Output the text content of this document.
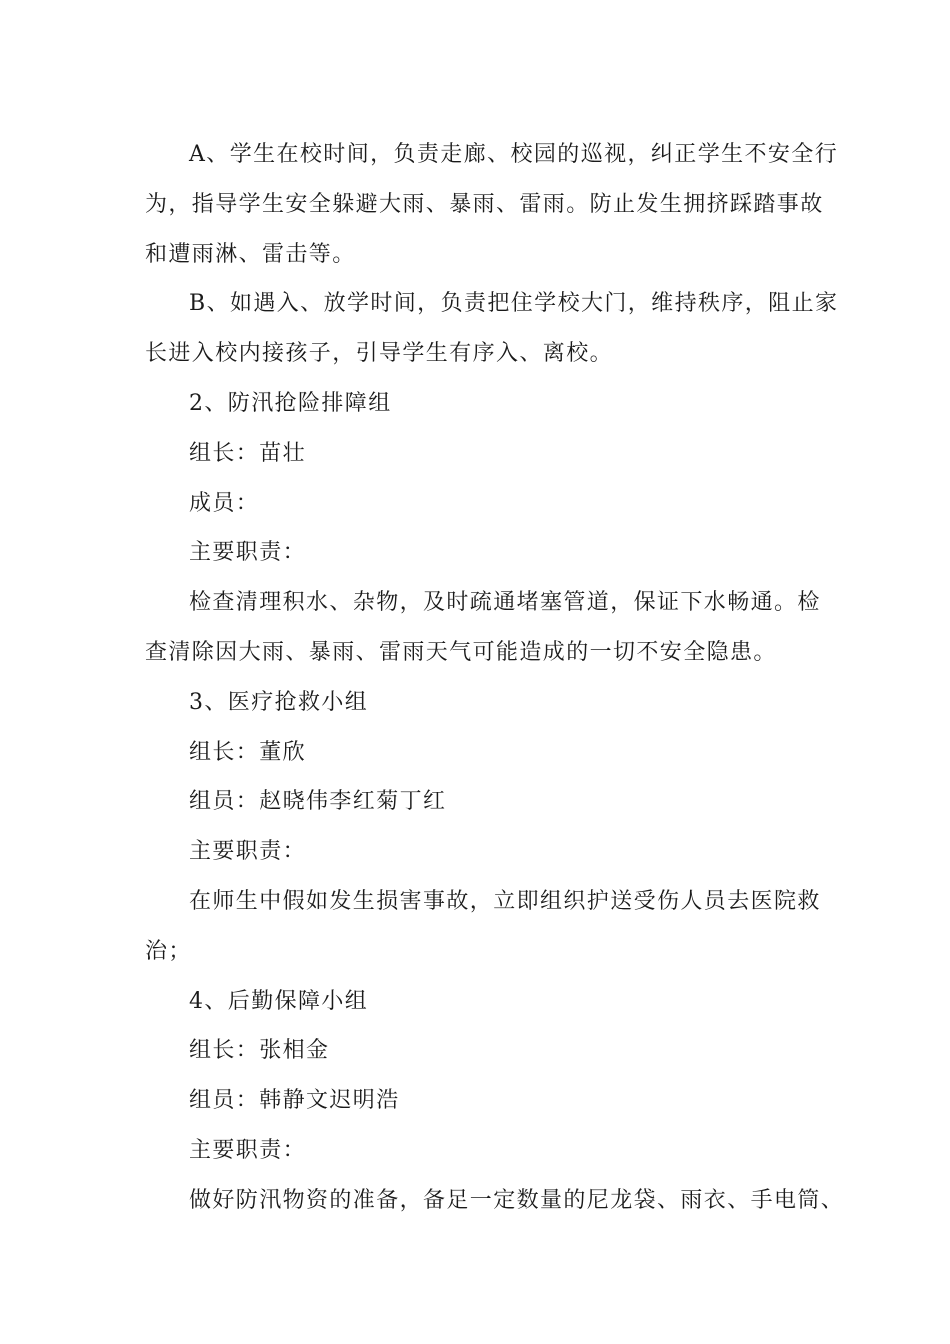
A、学生在校时间，负责走廊、校园的巡视，纠正学生不安全行

为，指导学生安全躲避大雨、暴雨、雷雨。防止发生拥挤踩踏事故

和遭雨淋、雷击等。

B、如遇入、放学时间，负责把住学校大门，维持秩序，阻止家

长进入校内接孩子，引导学生有序入、离校。

2、防汛抢险排障组

组长：苗壮

成员：

主要职责：

检查清理积水、杂物，及时疏通堵塞管道，保证下水畅通。检

查清除因大雨、暴雨、雷雨天气可能造成的一切不安全隐患。

3、医疗抢救小组

组长：董欣

组员：赵晓伟李红菊丁红

主要职责：

在师生中假如发生损害事故，立即组织护送受伤人员去医院救

治；

4、后勤保障小组

组长：张相金

组员：韩静文迟明浩

主要职责：

做好防汛物资的准备，备足一定数量的尼龙袋、雨衣、手电筒、
